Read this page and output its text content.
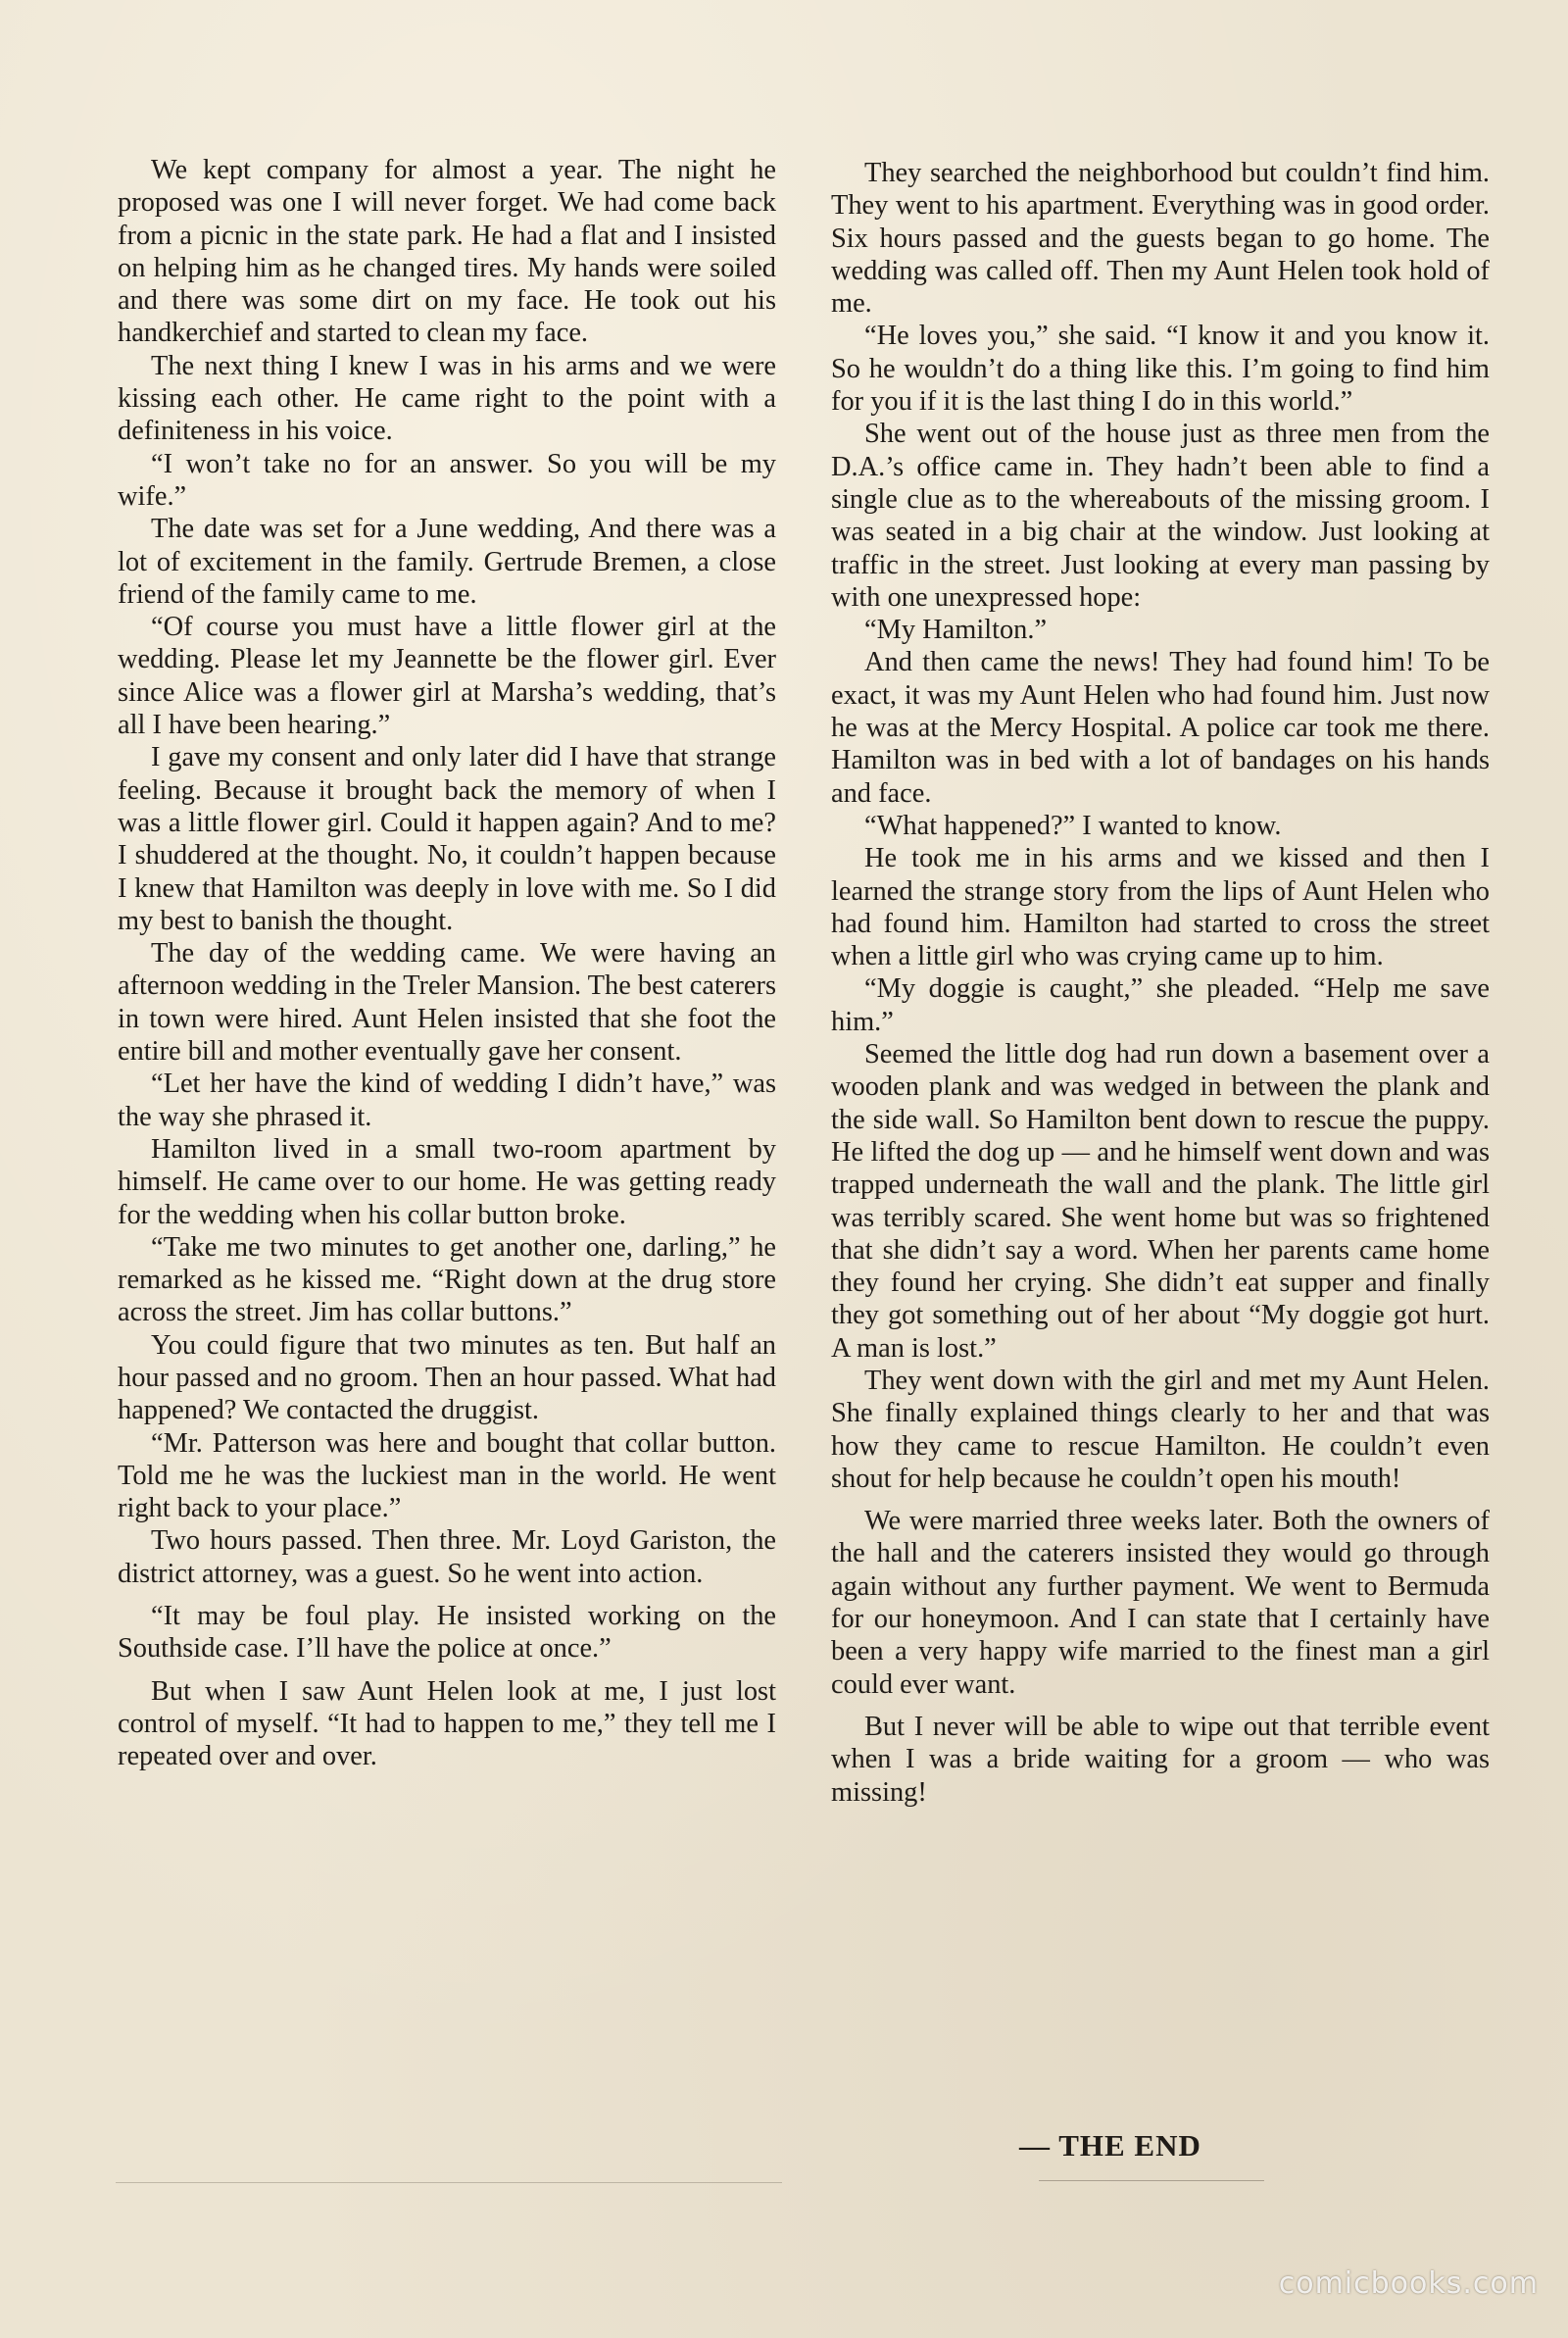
We kept company for almost a year. The night he proposed was one I will never forget. We had come back from a picnic in the state park. He had a flat and I insisted on helping him as he changed tires. My hands were soiled and there was some dirt on my face. He took out his handkerchief and started to clean my face.

The next thing I knew I was in his arms and we were kissing each other. He came right to the point with a definiteness in his voice.

“I won’t take no for an answer. So you will be my wife.”

The date was set for a June wedding, And there was a lot of excitement in the family. Gertrude Bremen, a close friend of the family came to me.

“Of course you must have a little flower girl at the wedding. Please let my Jeannette be the flower girl. Ever since Alice was a flower girl at Marsha’s wedding, that’s all I have been hearing.”

I gave my consent and only later did I have that strange feeling. Because it brought back the memory of when I was a little flower girl. Could it happen again? And to me? I shuddered at the thought. No, it couldn’t happen because I knew that Hamilton was deeply in love with me. So I did my best to banish the thought.

The day of the wedding came. We were having an afternoon wedding in the Treler Mansion. The best caterers in town were hired. Aunt Helen insisted that she foot the entire bill and mother eventually gave her consent.

“Let her have the kind of wedding I didn’t have,” was the way she phrased it.

Hamilton lived in a small two-room apartment by himself. He came over to our home. He was getting ready for the wedding when his collar button broke.

“Take me two minutes to get another one, darling,” he remarked as he kissed me. “Right down at the drug store across the street. Jim has collar buttons.”

You could figure that two minutes as ten. But half an hour passed and no groom. Then an hour passed. What had happened? We contacted the druggist.

“Mr. Patterson was here and bought that collar button. Told me he was the luckiest man in the world. He went right back to your place.”

Two hours passed. Then three. Mr. Loyd Gariston, the district attorney, was a guest. So he went into action.

“It may be foul play. He insisted working on the Southside case. I’ll have the police at once.”

But when I saw Aunt Helen look at me, I just lost control of myself. “It had to happen to me,” they tell me I repeated over and over.

They searched the neighborhood but couldn’t find him. They went to his apartment. Everything was in good order. Six hours passed and the guests began to go home. The wedding was called off. Then my Aunt Helen took hold of me.

“He loves you,” she said. “I know it and you know it. So he wouldn’t do a thing like this. I’m going to find him for you if it is the last thing I do in this world.”

She went out of the house just as three men from the D.A.’s office came in. They hadn’t been able to find a single clue as to the whereabouts of the missing groom. I was seated in a big chair at the window. Just looking at traffic in the street. Just looking at every man passing by with one unexpressed hope:

“My Hamilton.”

And then came the news! They had found him! To be exact, it was my Aunt Helen who had found him. Just now he was at the Mercy Hospital. A police car took me there. Hamilton was in bed with a lot of bandages on his hands and face.

“What happened?” I wanted to know.

He took me in his arms and we kissed and then I learned the strange story from the lips of Aunt Helen who had found him. Hamilton had started to cross the street when a little girl who was crying came up to him.

“My doggie is caught,” she pleaded. “Help me save him.”

Seemed the little dog had run down a basement over a wooden plank and was wedged in between the plank and the side wall. So Hamilton bent down to rescue the puppy. He lifted the dog up — and he himself went down and was trapped underneath the wall and the plank. The little girl was terribly scared. She went home but was so frightened that she didn’t say a word. When her parents came home they found her crying. She didn’t eat supper and finally they got something out of her about “My doggie got hurt. A man is lost.”

They went down with the girl and met my Aunt Helen. She finally explained things clearly to her and that was how they came to rescue Hamilton. He couldn’t even shout for help because he couldn’t open his mouth!

We were married three weeks later. Both the owners of the hall and the caterers insisted they would go through again without any further payment. We went to Bermuda for our honeymoon. And I can state that I certainly have been a very happy wife married to the finest man a girl could ever want.

But I never will be able to wipe out that terrible event when I was a bride waiting for a groom — who was missing!

— THE END
comicbooks.com
